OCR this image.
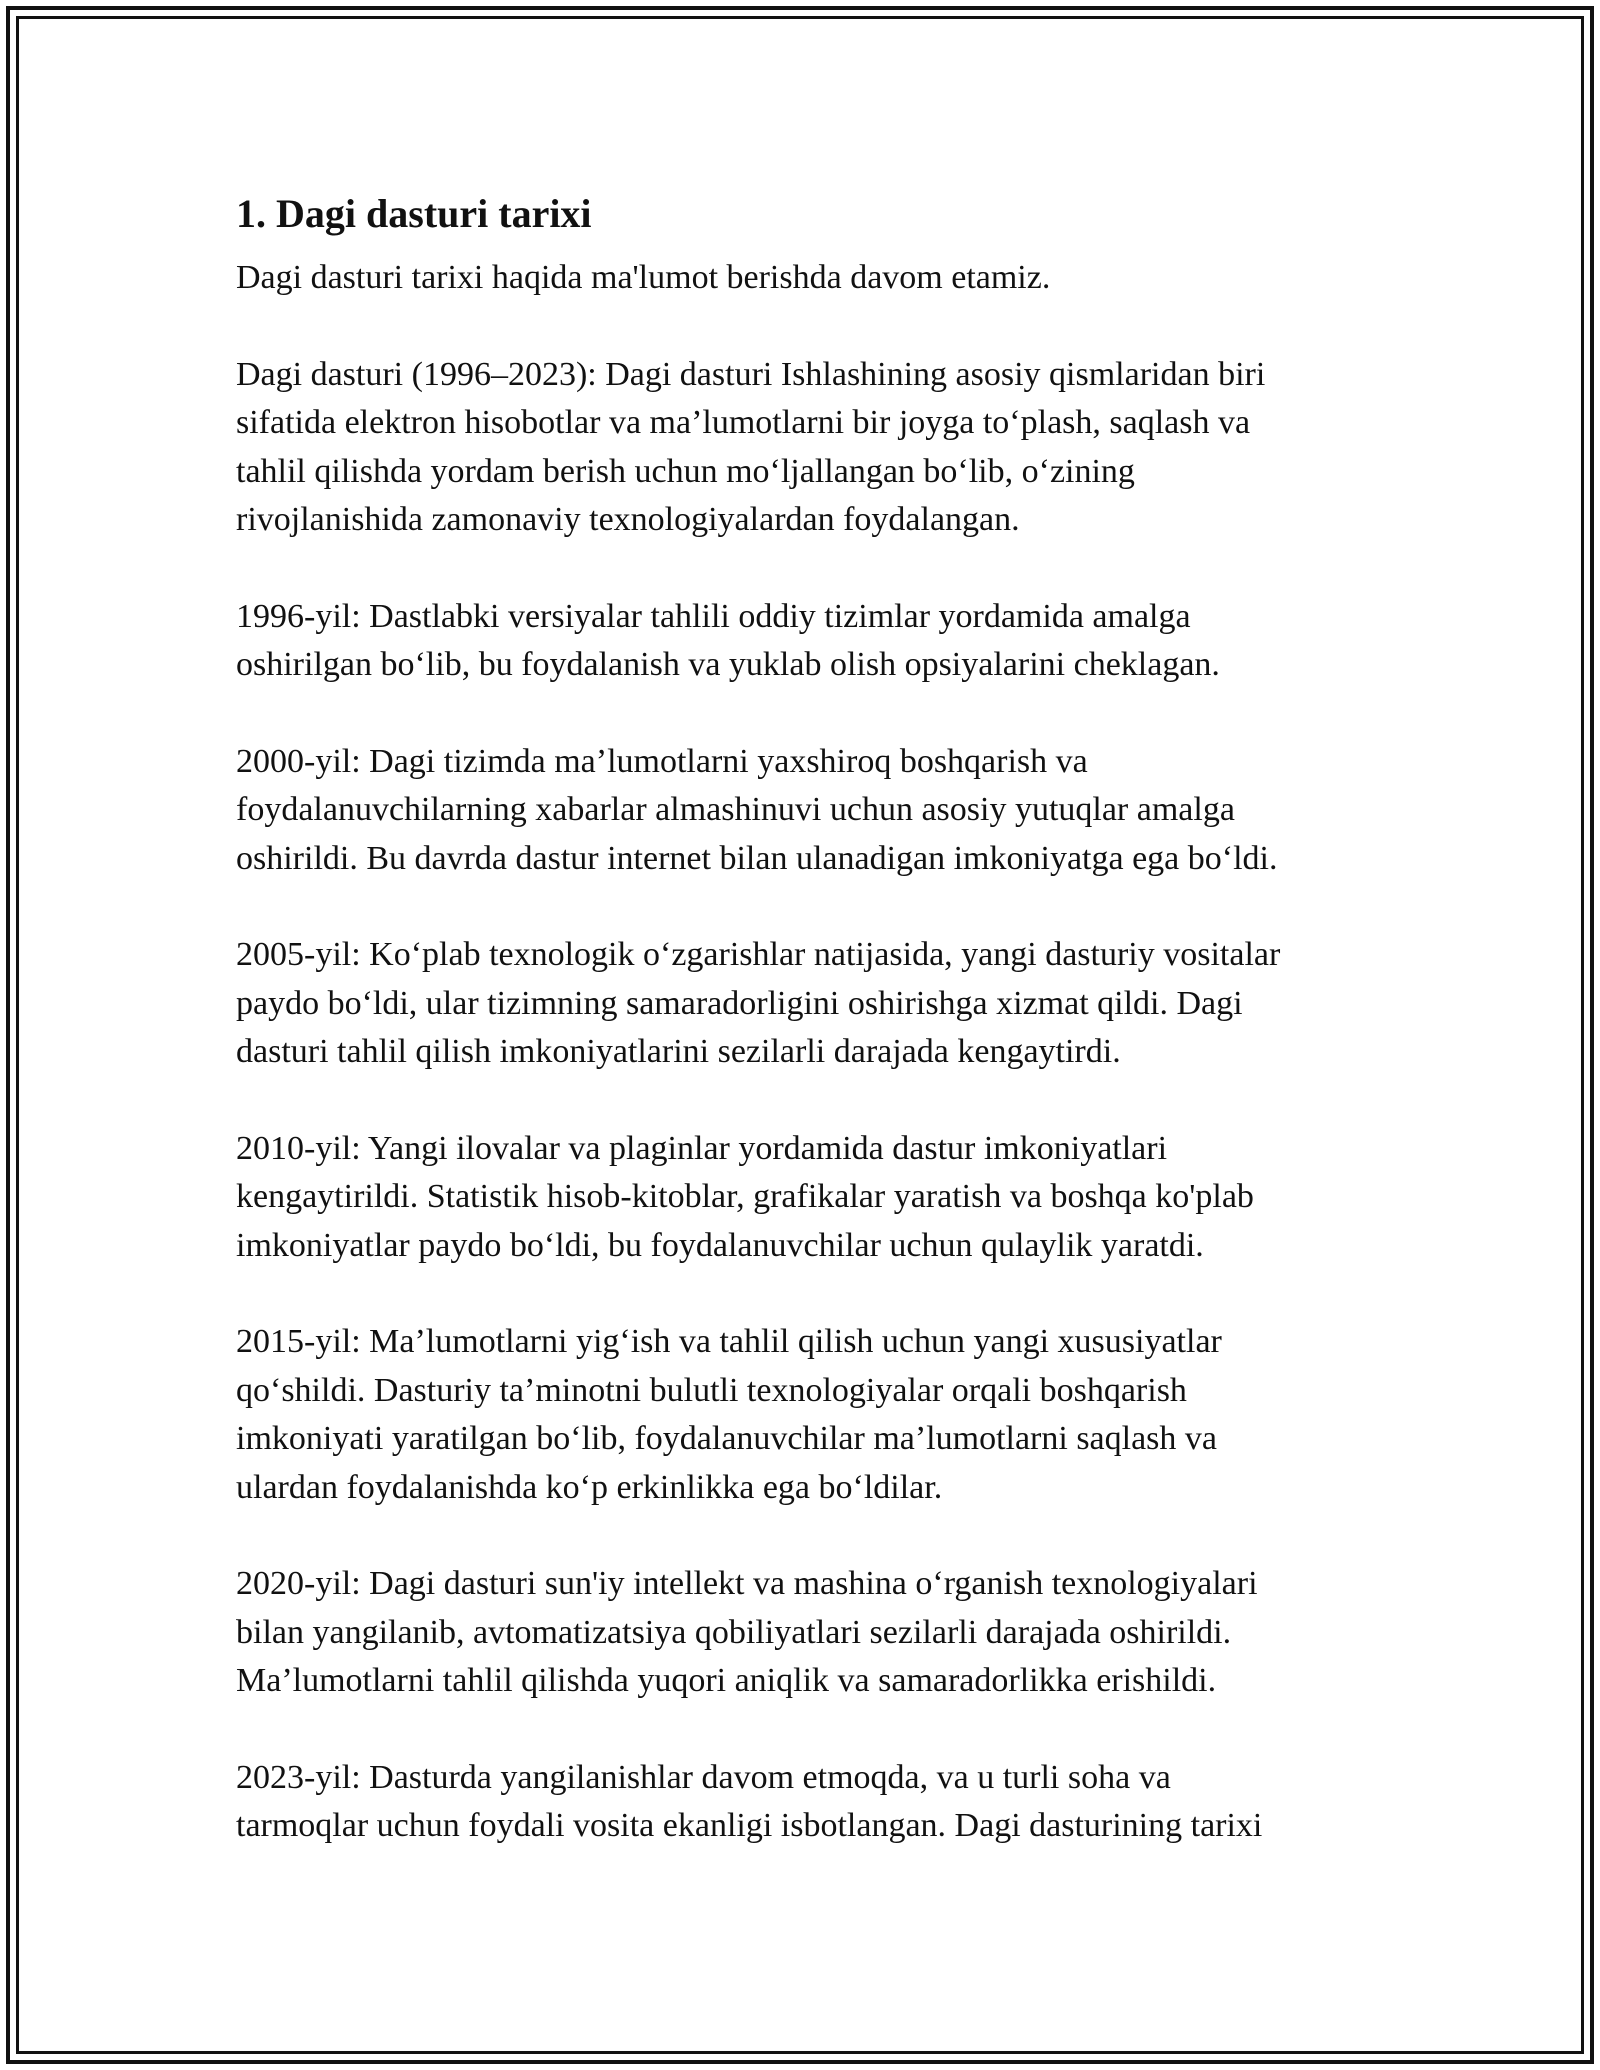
1. Dagi dasturi tarixi

Dagi dasturi tarixi haqida ma'lumot berishda davom etamiz.

Dagi dasturi (1996–2023): Dagi dasturi Ishlashining asosiy qismlaridan biri
sifatida elektron hisobotlar va ma’lumotlarni bir joyga to‘plash, saqlash va
tahlil qilishda yordam berish uchun mo‘ljallangan bo‘lib, o‘zining
rivojlanishida zamonaviy texnologiyalardan foydalangan.

1996-yil: Dastlabki versiyalar tahlili oddiy tizimlar yordamida amalga
oshirilgan bo‘lib, bu foydalanish va yuklab olish opsiyalarini cheklagan.

2000-yil: Dagi tizimda ma’lumotlarni yaxshiroq boshqarish va
foydalanuvchilarning xabarlar almashinuvi uchun asosiy yutuqlar amalga
oshirildi. Bu davrda dastur internet bilan ulanadigan imkoniyatga ega bo‘ldi.

2005-yil: Ko‘plab texnologik o‘zgarishlar natijasida, yangi dasturiy vositalar
paydo bo‘ldi, ular tizimning samaradorligini oshirishga xizmat qildi. Dagi
dasturi tahlil qilish imkoniyatlarini sezilarli darajada kengaytirdi.

2010-yil: Yangi ilovalar va plaginlar yordamida dastur imkoniyatlari
kengaytirildi. Statistik hisob-kitoblar, grafikalar yaratish va boshqa ko'plab
imkoniyatlar paydo bo‘ldi, bu foydalanuvchilar uchun qulaylik yaratdi.

2015-yil: Ma’lumotlarni yig‘ish va tahlil qilish uchun yangi xususiyatlar
qo‘shildi. Dasturiy ta’minotni bulutli texnologiyalar orqali boshqarish
imkoniyati yaratilgan bo‘lib, foydalanuvchilar ma’lumotlarni saqlash va
ulardan foydalanishda ko‘p erkinlikka ega bo‘ldilar.

2020-yil: Dagi dasturi sun'iy intellekt va mashina o‘rganish texnologiyalari
bilan yangilanib, avtomatizatsiya qobiliyatlari sezilarli darajada oshirildi.
Ma’lumotlarni tahlil qilishda yuqori aniqlik va samaradorlikka erishildi.

2023-yil: Dasturda yangilanishlar davom etmoqda, va u turli soha va
tarmoqlar uchun foydali vosita ekanligi isbotlangan. Dagi dasturining tarixi
